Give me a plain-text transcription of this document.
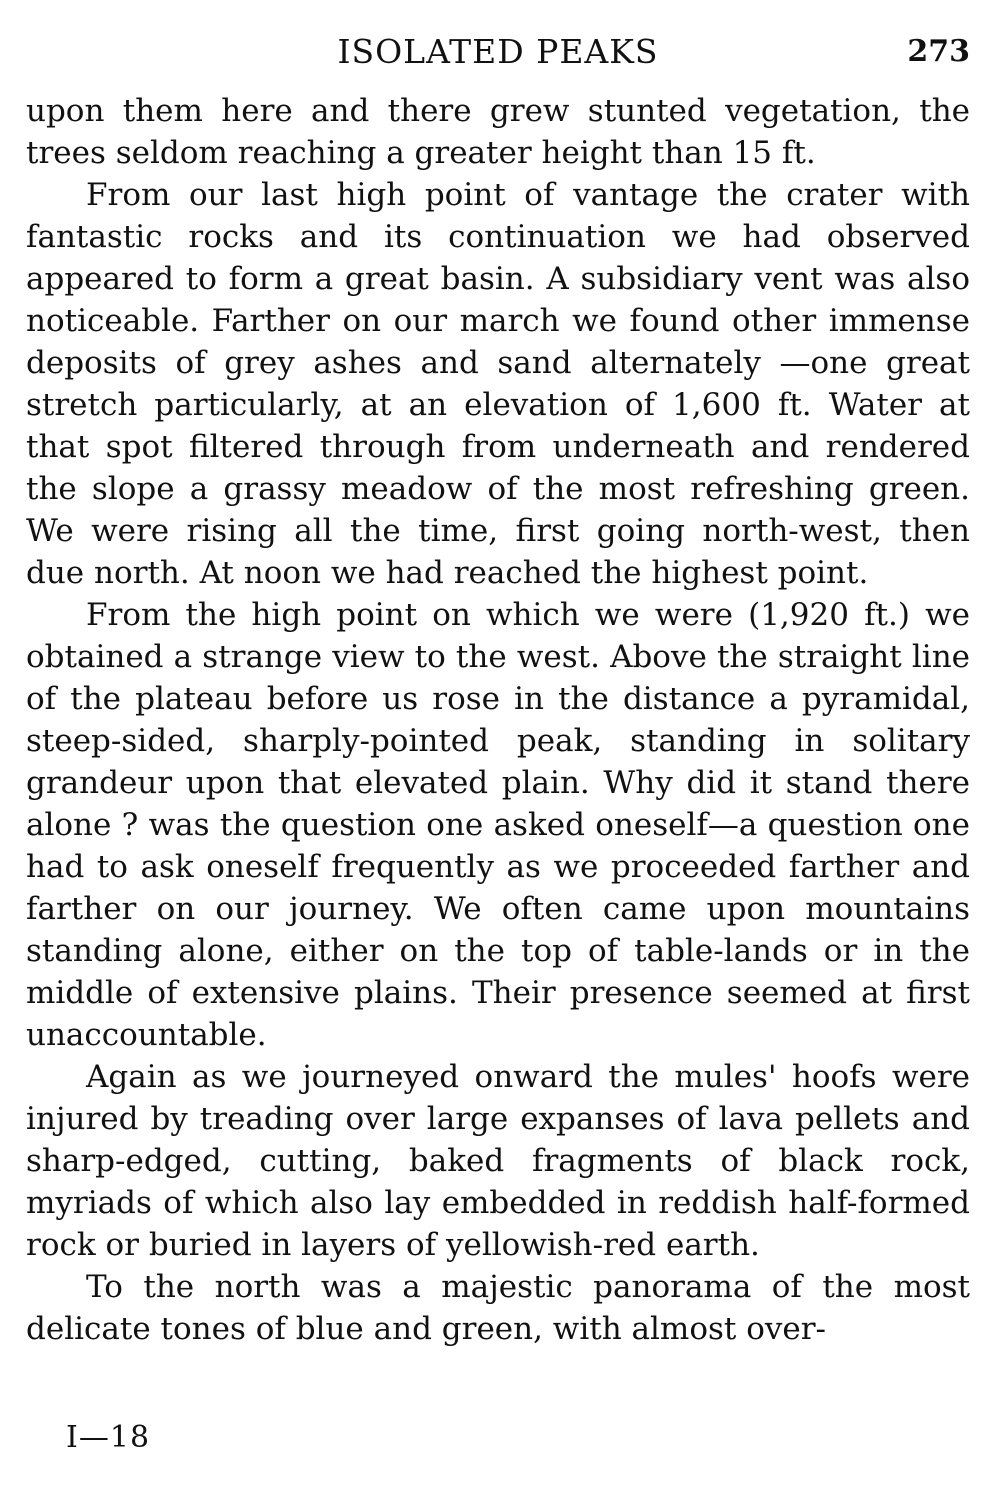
ISOLATED PEAKS	273

upon them here and there grew stunted vegetation, the trees seldom reaching a greater height than 15 ft.

From our last high point of vantage the crater with fantastic rocks and its continuation we had observed appeared to form a great basin. A subsidiary vent was also noticeable. Farther on our march we found other immense deposits of grey ashes and sand alternately —one great stretch particularly, at an elevation of 1,600 ft. Water at that spot filtered through from underneath and rendered the slope a grassy meadow of the most refreshing green. We were rising all the time, first going north-west, then due north. At noon we had reached the highest point.

From the high point on which we were (1,920 ft.) we obtained a strange view to the west. Above the straight line of the plateau before us rose in the distance a pyramidal, steep-sided, sharply-pointed peak, standing in solitary grandeur upon that elevated plain. Why did it stand there alone ? was the question one asked oneself—a question one had to ask oneself frequently as we proceeded farther and farther on our journey. We often came upon mountains standing alone, either on the top of table-lands or in the middle of extensive plains. Their presence seemed at first unaccountable.

Again as we journeyed onward the mules' hoofs were injured by treading over large expanses of lava pellets and sharp-edged, cutting, baked fragments of black rock, myriads of which also lay embedded in reddish half-formed rock or buried in layers of yellowish-red earth.

To the north was a majestic panorama of the most delicate tones of blue and green, with almost over-

I—18
